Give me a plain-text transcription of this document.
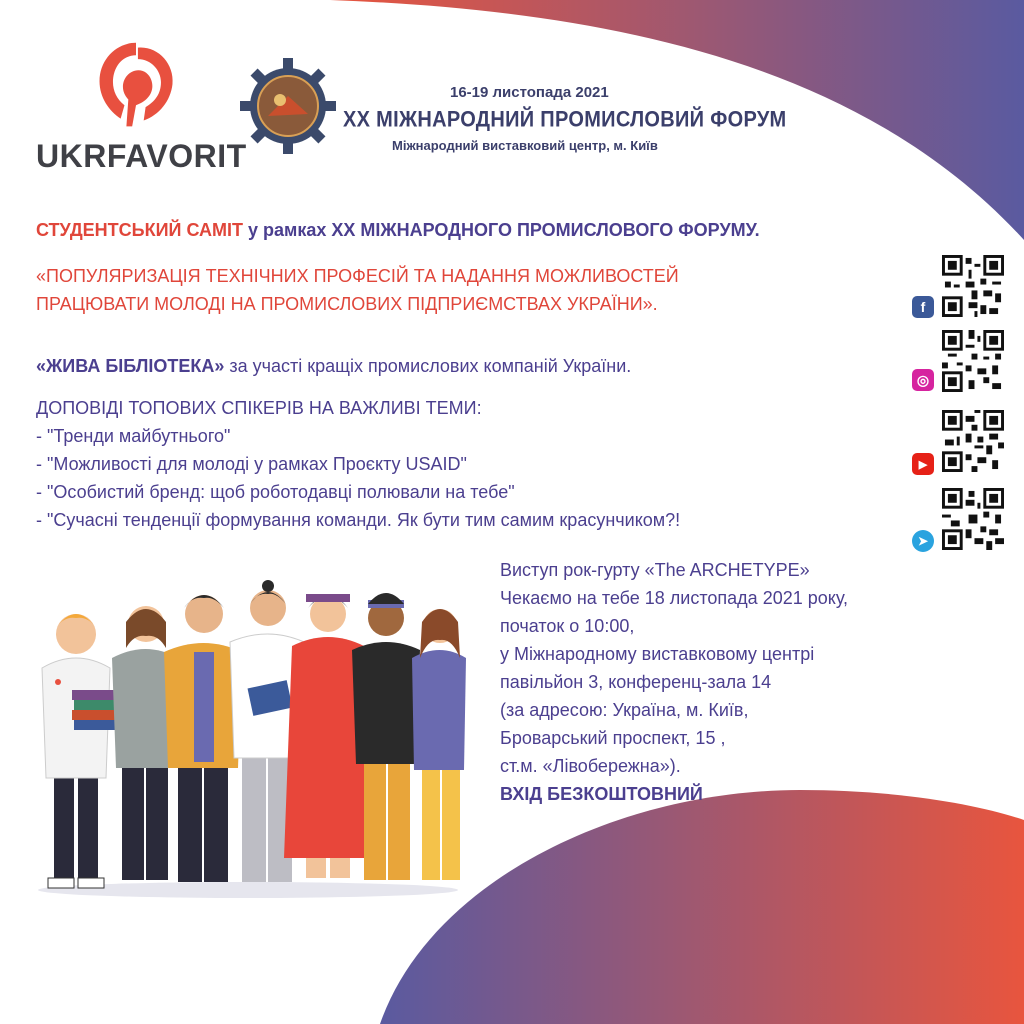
UKRFAVORIT
16-19 листопада 2021
XX МІЖНАРОДНИЙ ПРОМИСЛОВИЙ ФОРУМ
Міжнародний виставковий центр, м. Київ
СТУДЕНТСЬКИЙ САМІТ у рамках XX МІЖНАРОДНОГО ПРОМИСЛОВОГО ФОРУМУ.
«ПОПУЛЯРИЗАЦІЯ ТЕХНІЧНИХ ПРОФЕСІЙ ТА НАДАННЯ МОЖЛИВОСТЕЙ
ПРАЦЮВАТИ МОЛОДІ НА ПРОМИСЛОВИХ ПІДПРИЄМСТВАХ УКРАЇНИ».
«ЖИВА БІБЛІОТЕКА» за участі кращіх промислових компаній України.
ДОПОВІДІ ТОПОВИХ СПІКЕРІВ НА ВАЖЛИВІ ТЕМИ:
- "Тренди майбутнього"
- "Можливості для молоді у рамках Проєкту USAID"
- "Особистий бренд: щоб роботодавці полювали на тебе"
- "Сучасні тенденції формування команди. Як бути тим самим красунчиком?!
f
◎
▶
➤
Виступ рок-гурту «The ARCHETYPE»
Чекаємо на тебе 18 листопада 2021 року,
початок о 10:00,
у Міжнародному виставковому центрі
павільйон 3, конференц-зала 14
(за адресою: Україна, м. Київ,
Броварський проспект, 15 ,
ст.м. «Лівобережна»).
ВХІД БЕЗКОШТОВНИЙ
